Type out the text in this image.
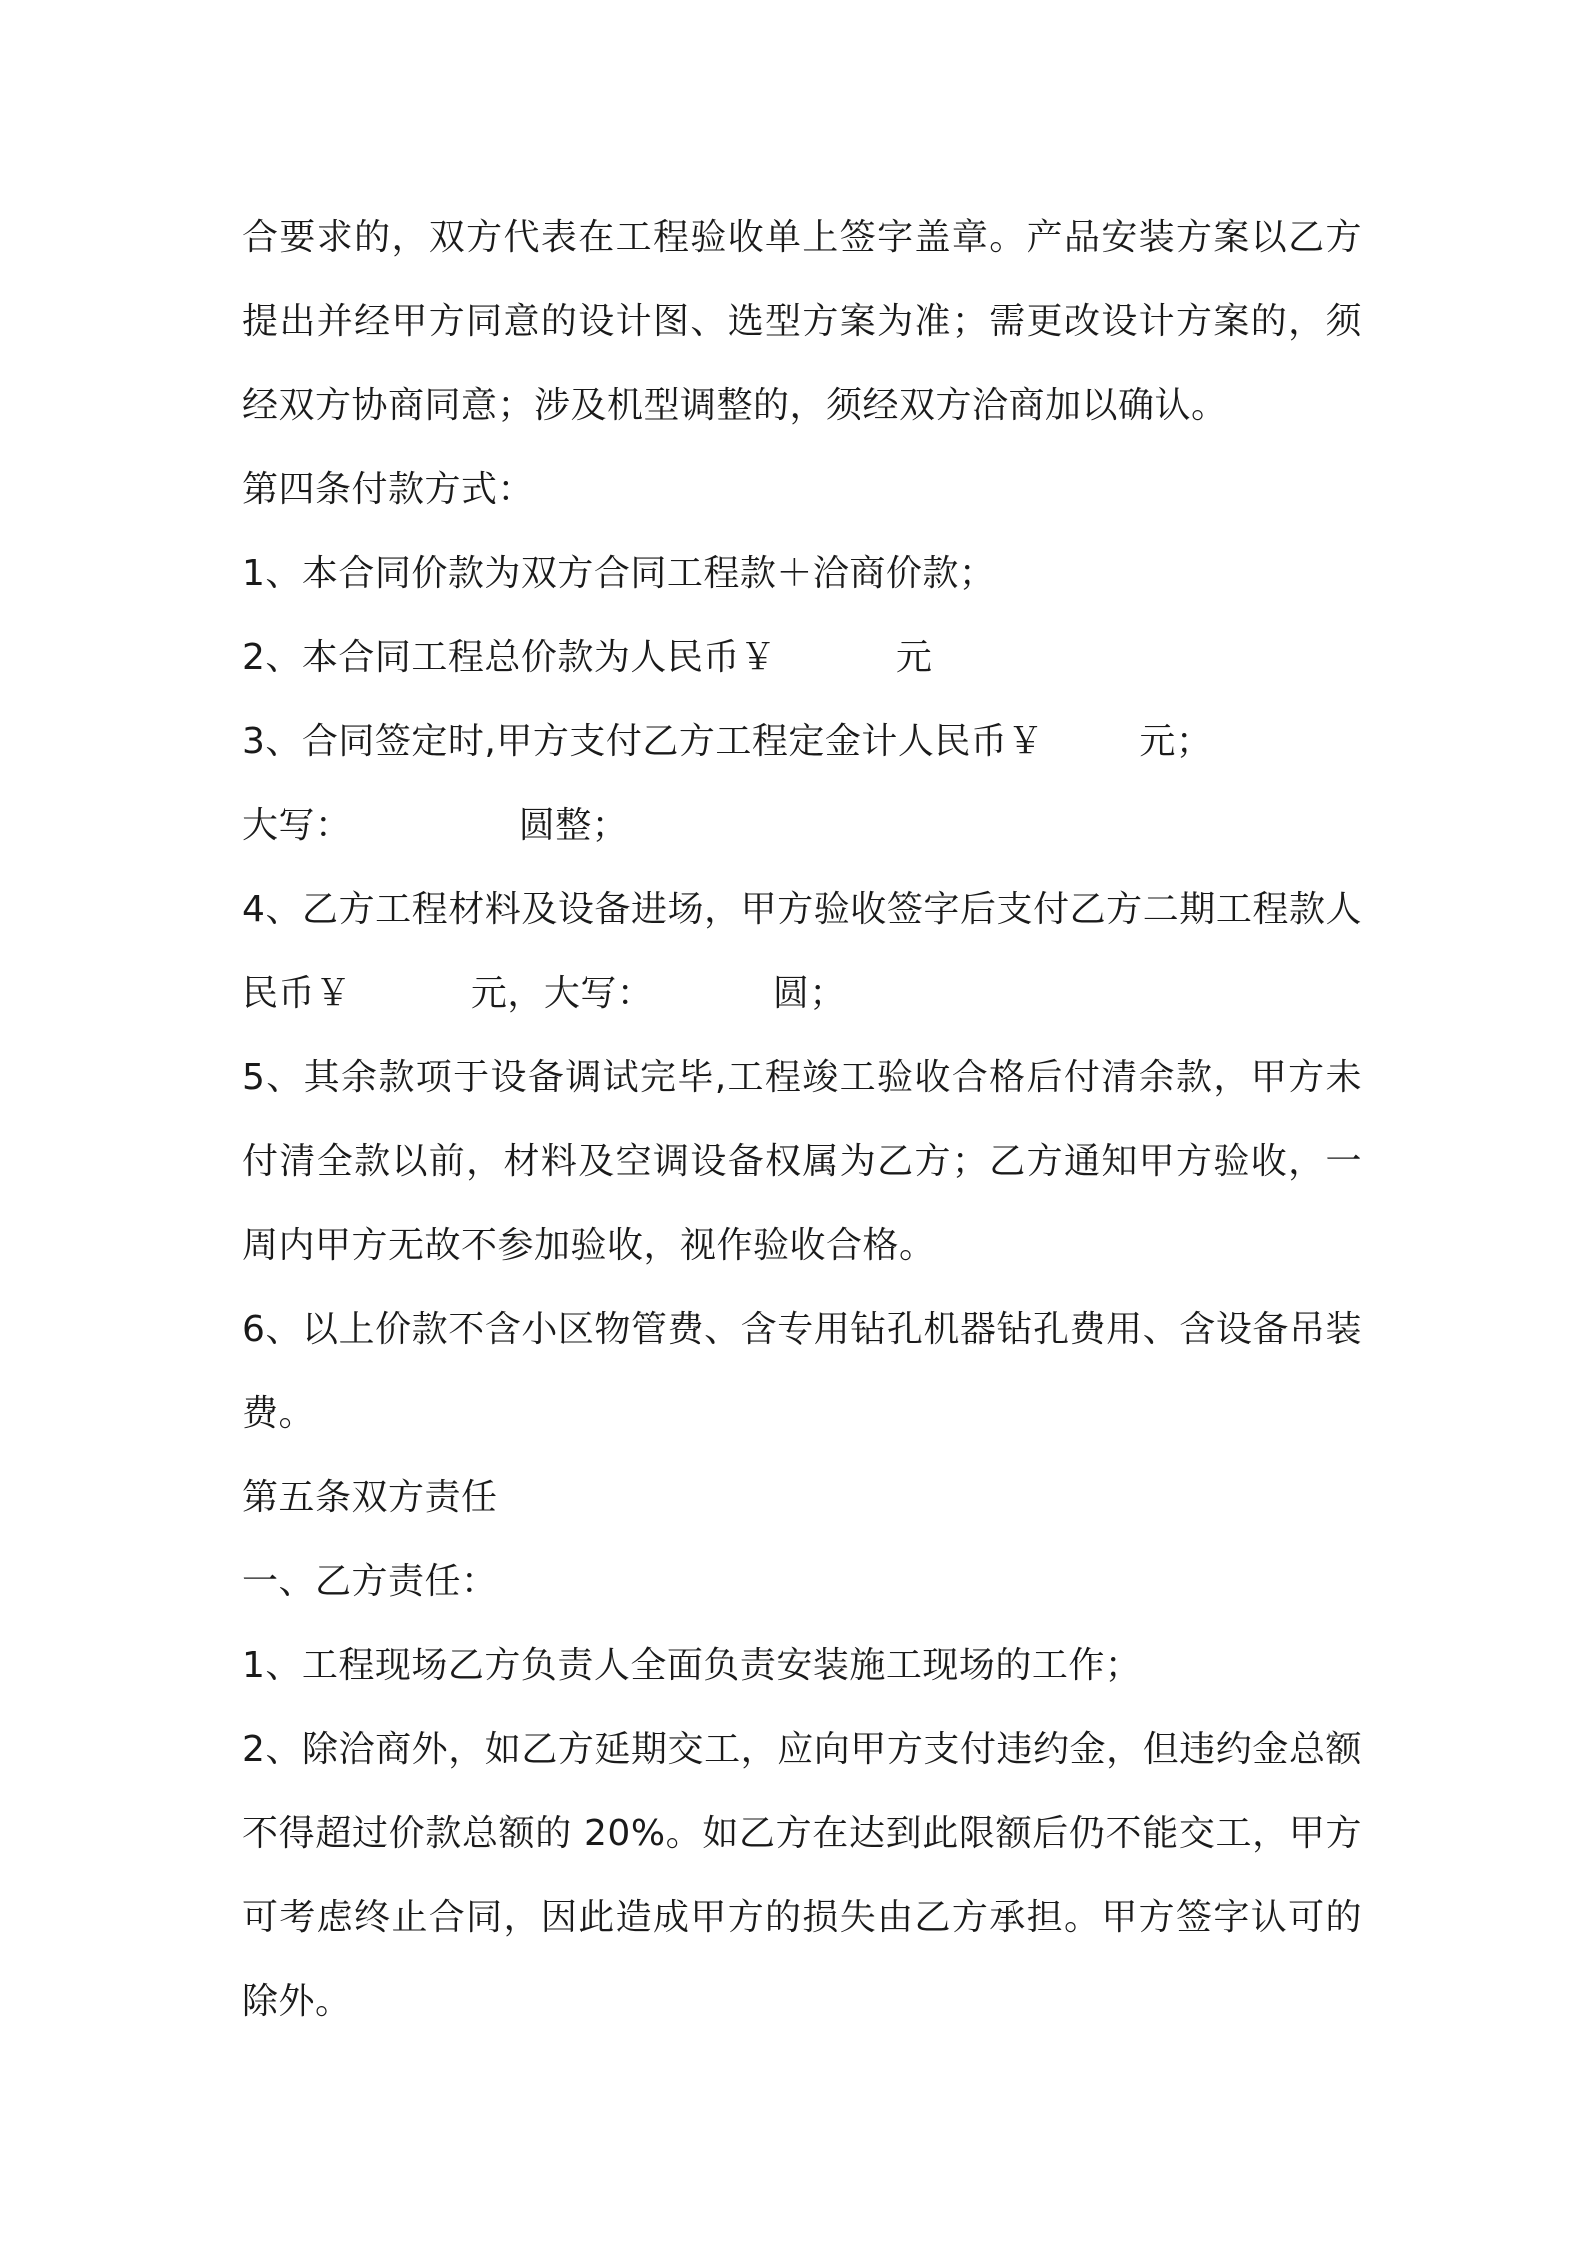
合要求的，双方代表在工程验收单上签字盖章。产品安装方案以乙方提出并经甲方同意的设计图、选型方案为准；需更改设计方案的，须经双方协商同意；涉及机型调整的，须经双方洽商加以确认。

第四条付款方式：

1、本合同价款为双方合同工程款＋洽商价款；

2、本合同工程总价款为人民币￥          元

3、合同签定时,甲方支付乙方工程定金计人民币￥        元；

大写：              圆整；

4、乙方工程材料及设备进场，甲方验收签字后支付乙方二期工程款人民币￥          元，大写：          圆；

5、其余款项于设备调试完毕,工程竣工验收合格后付清余款，甲方未付清全款以前，材料及空调设备权属为乙方；乙方通知甲方验收，一周内甲方无故不参加验收，视作验收合格。

6、以上价款不含小区物管费、含专用钻孔机器钻孔费用、含设备吊装费。

第五条双方责任

一、乙方责任：

1、工程现场乙方负责人全面负责安装施工现场的工作；

2、除洽商外，如乙方延期交工，应向甲方支付违约金，但违约金总额不得超过价款总额的 20%。如乙方在达到此限额后仍不能交工，甲方可考虑终止合同，因此造成甲方的损失由乙方承担。甲方签字认可的除外。
